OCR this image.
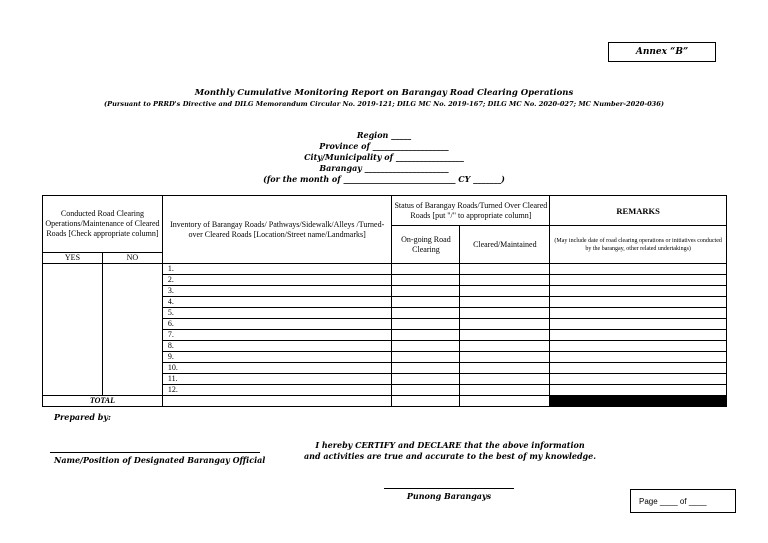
Annex “B”
Monthly Cumulative Monitoring Report on Barangay Road Clearing Operations
(Pursuant to PRRD's Directive and DILG Memorandum Circular No. 2019-121; DILG MC No. 2019-167; DILG MC No. 2020-027; MC Number-2020-036)
Region _____
Province of ___________________
City/Municipality of _________________
Barangay _____________________
(for the month of ____________________________ CY _______)
Conducted Road Clearing Operations/Maintenance of Cleared Roads [Check appropriate column]		Inventory of Barangay Roads/ Pathways/Sidewalk/Alleys /Turned-over Cleared Roads [Location/Street name/Landmarks]	Status of Barangay Roads/Turned Over Cleared Roads [put "/" to appropriate column]		REMARKS
			On-going Road Clearing	Cleared/Maintained	(May include date of road clearing operations or initiatives conducted by the barangay, other related undertakings)
YES	NO				
		1.			
		2.			
		3.			
		4.			
		5.			
		6.			
		7.			
		8.			
		9.			
		10.			
		11.			
		12.			
TOTAL					
Prepared by:
Name/Position of Designated Barangay Official
I hereby CERTIFY and DECLARE that the above information
and activities are true and accurate to the best of my knowledge.
Punong Barangays
Page ____ of ____
